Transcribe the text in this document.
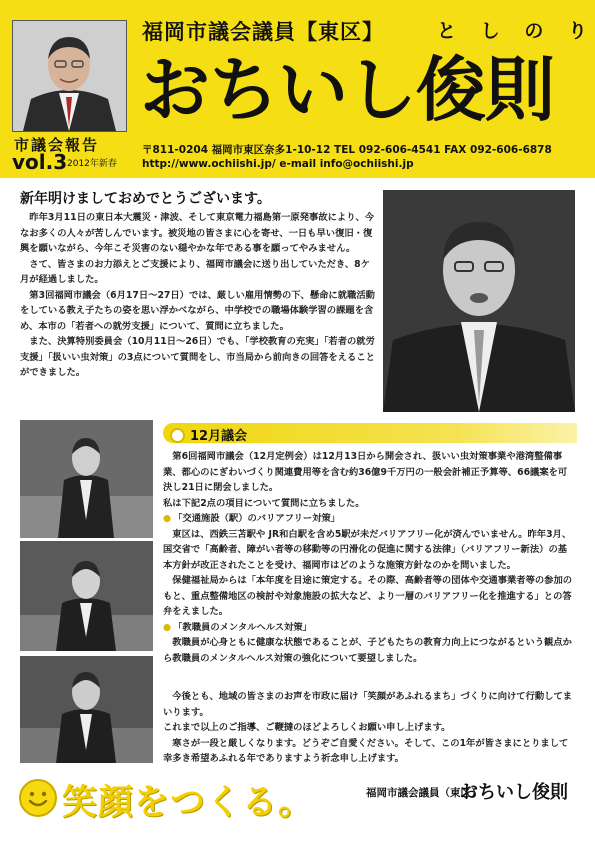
市議会報告
vol.3 2012年新春
福岡市議会議員【東区】	と し の り
おちいし俊則
〒811-0204 福岡市東区奈多1-10-12 TEL 092-606-4541 FAX 092-606-6878
http://www.ochiishi.jp/ e-mail info@ochiishi.jp
新年明けましておめでとうございます。

昨年3月11日の東日本大震災・津波、そして東京電力福島第一原発事故により、今なお多くの人々が苦しんでいます。被災地の皆さまに心を寄せ、一日も早い復旧・復興を願いながら、今年こそ災害のない穏やかな年である事を願ってやみません。

さて、皆さまのお力添えとご支援により、福岡市議会に送り出していただき、8ケ月が経過しました。

第3回福岡市議会（6月17日〜27日）では、厳しい雇用情勢の下、懸命に就職活動をしている教え子たちの姿を思い浮かべながら、中学校での職場体験学習の課題を含め、本市の「若者への就労支援」について、質問に立ちました。

また、決算特別委員会（10月11日〜26日）でも、「学校教育の充実」「若者の就労支援」「扱いい虫対策」の3点について質問をし、市当局から前向きの回答をえることができました。

12月議会

第6回福岡市議会（12月定例会）は12月13日から開会され、扱いい虫対策事業や港湾整備事業、都心のにぎわいづくり関連費用等を含む約36億9千万円の一般会計補正予算等、66議案を可決し21日に閉会しました。

私は下記2点の項目について質問に立ちました。

● 「交通施設（駅）のバリアフリー対策」

東区は、西鉄三苫駅や JR和白駅を含め5駅が未だバリアフリー化が済んでいません。昨年3月、国交省で「高齢者、障がい者等の移動等の円滑化の促進に関する法律」（バリアフリー新法）の基本方針が改正されたことを受け、福岡市はどのような施策方針なのかを問いました。

保健福祉局からは「本年度を目途に策定する。その際、高齢者等の団体や交通事業者等の参加のもと、重点整備地区の検討や対象施設の拡大など、より一層のバリアフリー化を推進する」との答弁をえました。

● 「教職員のメンタルヘルス対策」

教職員が心身ともに健康な状態であることが、子どもたちの教育力向上につながるという観点から教職員のメンタルヘルス対策の強化について要望しました。

今後とも、地域の皆さまのお声を市政に届け「笑顔があふれるまち」づくりに向けて行動してまいります。

これまで以上のご指導、ご鞭撻のほどよろしくお願い申し上げます。

寒さが一段と厳しくなります。どうぞご自愛ください。そして、この1年が皆さまにとりまして幸多き希望あふれる年でありますよう祈念申し上げます。

笑顔をつくる。	福岡市議会議員（東区）
おちいし俊則
